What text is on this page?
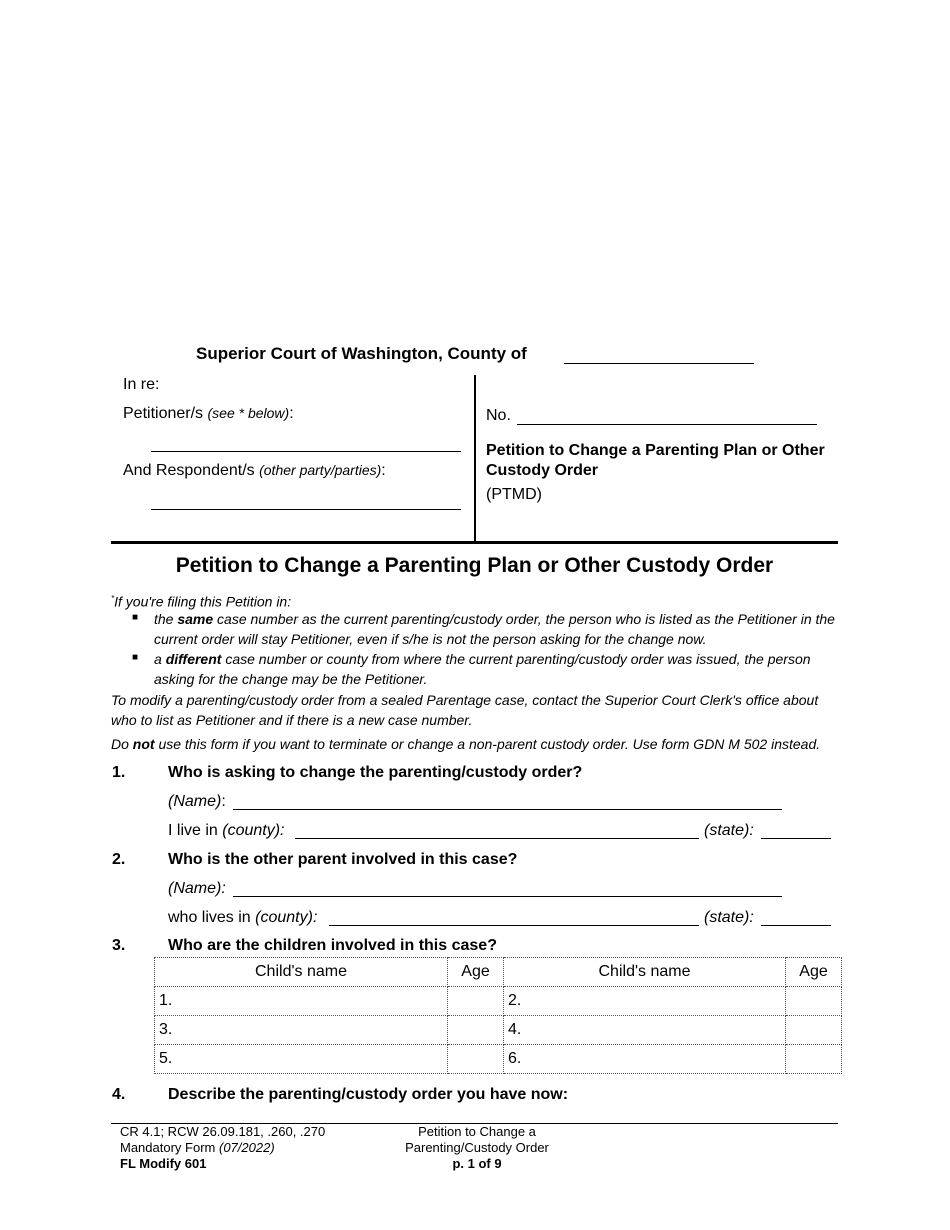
Superior Court of Washington, County of
In re:
Petitioner/s (see * below):
And Respondent/s (other party/parties):
No.
Petition to Change a Parenting Plan or Other Custody Order
(PTMD)
Petition to Change a Parenting Plan or Other Custody Order
*If you're filing this Petition in:
■ the same case number as the current parenting/custody order, the person who is listed as the Petitioner in the current order will stay Petitioner, even if s/he is not the person asking for the change now.
■ a different case number or county from where the current parenting/custody order was issued, the person asking for the change may be the Petitioner.
To modify a parenting/custody order from a sealed Parentage case, contact the Superior Court Clerk's office about who to list as Petitioner and if there is a new case number.
Do not use this form if you want to terminate or change a non-parent custody order. Use form GDN M 502 instead.
1.	Who is asking to change the parenting/custody order?
(Name):
I live in (county):	(state):
2.	Who is the other parent involved in this case?
(Name):
who lives in (county):	(state):
3.	Who are the children involved in this case?
Child's name	Age	Child's name	Age
1.		2.	
3.		4.	
5.		6.	
4.	Describe the parenting/custody order you have now:
CR 4.1; RCW 26.09.181, .260, .270
Mandatory Form (07/2022)
FL Modify 601
Petition to Change a
Parenting/Custody Order
p. 1 of 9
